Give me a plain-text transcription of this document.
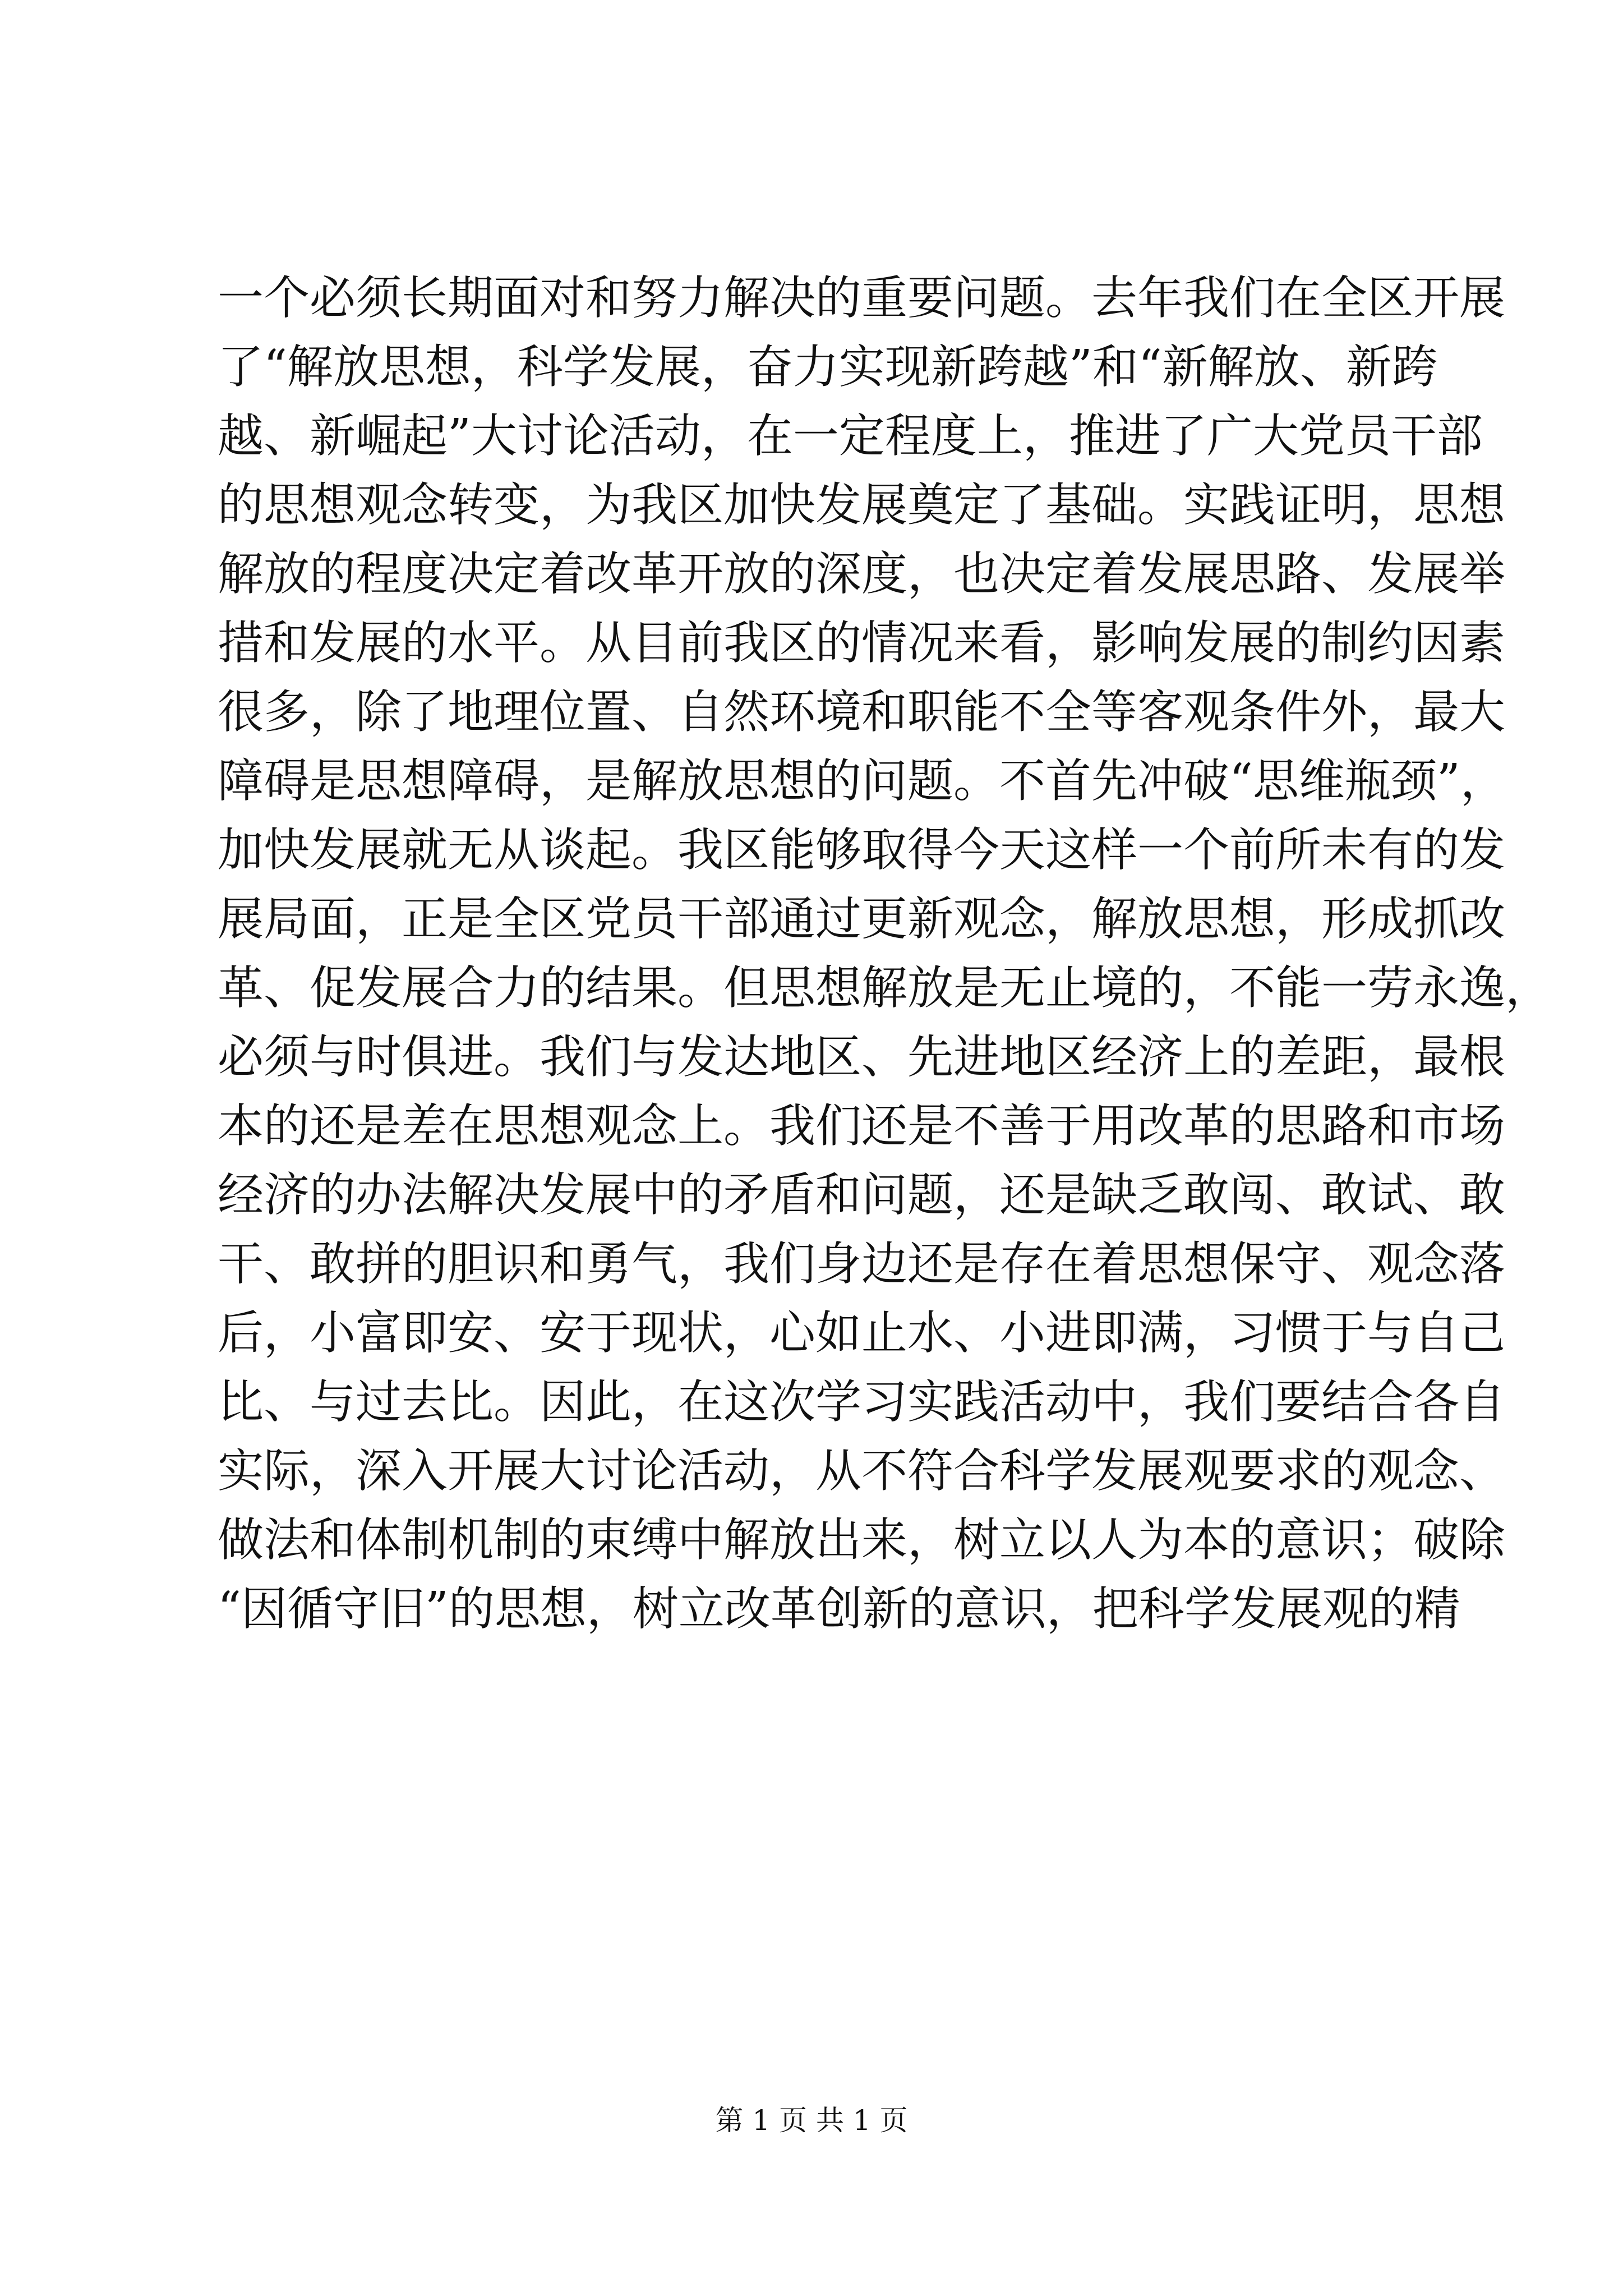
一个必须长期面对和努力解决的重要问题。去年我们在全区开展
了“解放思想，科学发展，奋力实现新跨越”和“新解放、新跨
越、新崛起”大讨论活动，在一定程度上，推进了广大党员干部
的思想观念转变，为我区加快发展奠定了基础。实践证明，思想
解放的程度决定着改革开放的深度，也决定着发展思路、发展举
措和发展的水平。从目前我区的情况来看，影响发展的制约因素
很多，除了地理位置、自然环境和职能不全等客观条件外，最大
障碍是思想障碍，是解放思想的问题。不首先冲破“思维瓶颈”，
加快发展就无从谈起。我区能够取得今天这样一个前所未有的发
展局面，正是全区党员干部通过更新观念，解放思想，形成抓改
革、促发展合力的结果。但思想解放是无止境的，不能一劳永逸，
必须与时俱进。我们与发达地区、先进地区经济上的差距，最根
本的还是差在思想观念上。我们还是不善于用改革的思路和市场
经济的办法解决发展中的矛盾和问题，还是缺乏敢闯、敢试、敢
干、敢拼的胆识和勇气，我们身边还是存在着思想保守、观念落
后，小富即安、安于现状，心如止水、小进即满，习惯于与自己
比、与过去比。因此，在这次学习实践活动中，我们要结合各自
实际，深入开展大讨论活动，从不符合科学发展观要求的观念、
做法和体制机制的束缚中解放出来，树立以人为本的意识；破除
“因循守旧”的思想，树立改革创新的意识，把科学发展观的精
第 1 页 共 1 页
